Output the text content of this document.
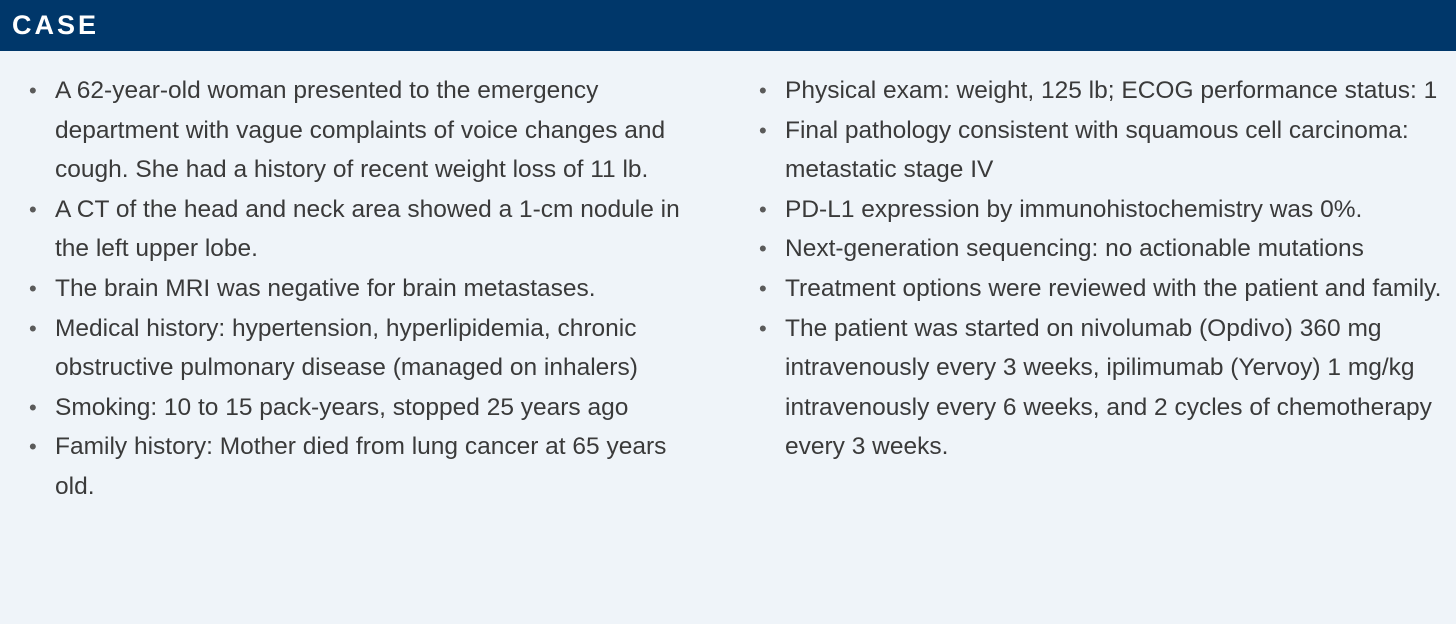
CASE
• A 62-year-old woman presented to the emergency department with vague complaints of voice changes and cough. She had a history of recent weight loss of 11 lb.
• A CT of the head and neck area showed a 1-cm nodule in the left upper lobe.
• The brain MRI was negative for brain metastases.
• Medical history: hypertension, hyperlipidemia, chronic obstructive pulmonary disease (managed on inhalers)
• Smoking: 10 to 15 pack-years, stopped 25 years ago
• Family history: Mother died from lung cancer at 65 years old.
• Physical exam: weight, 125 lb; ECOG performance status: 1
• Final pathology consistent with squamous cell carcinoma: metastatic stage IV
• PD-L1 expression by immunohistochemistry was 0%.
• Next-generation sequencing: no actionable mutations
• Treatment options were reviewed with the patient and family.
• The patient was started on nivolumab (Opdivo) 360 mg intravenously every 3 weeks, ipilimumab (Yervoy) 1 mg/kg intravenously every 6 weeks, and 2 cycles of chemotherapy every 3 weeks.
